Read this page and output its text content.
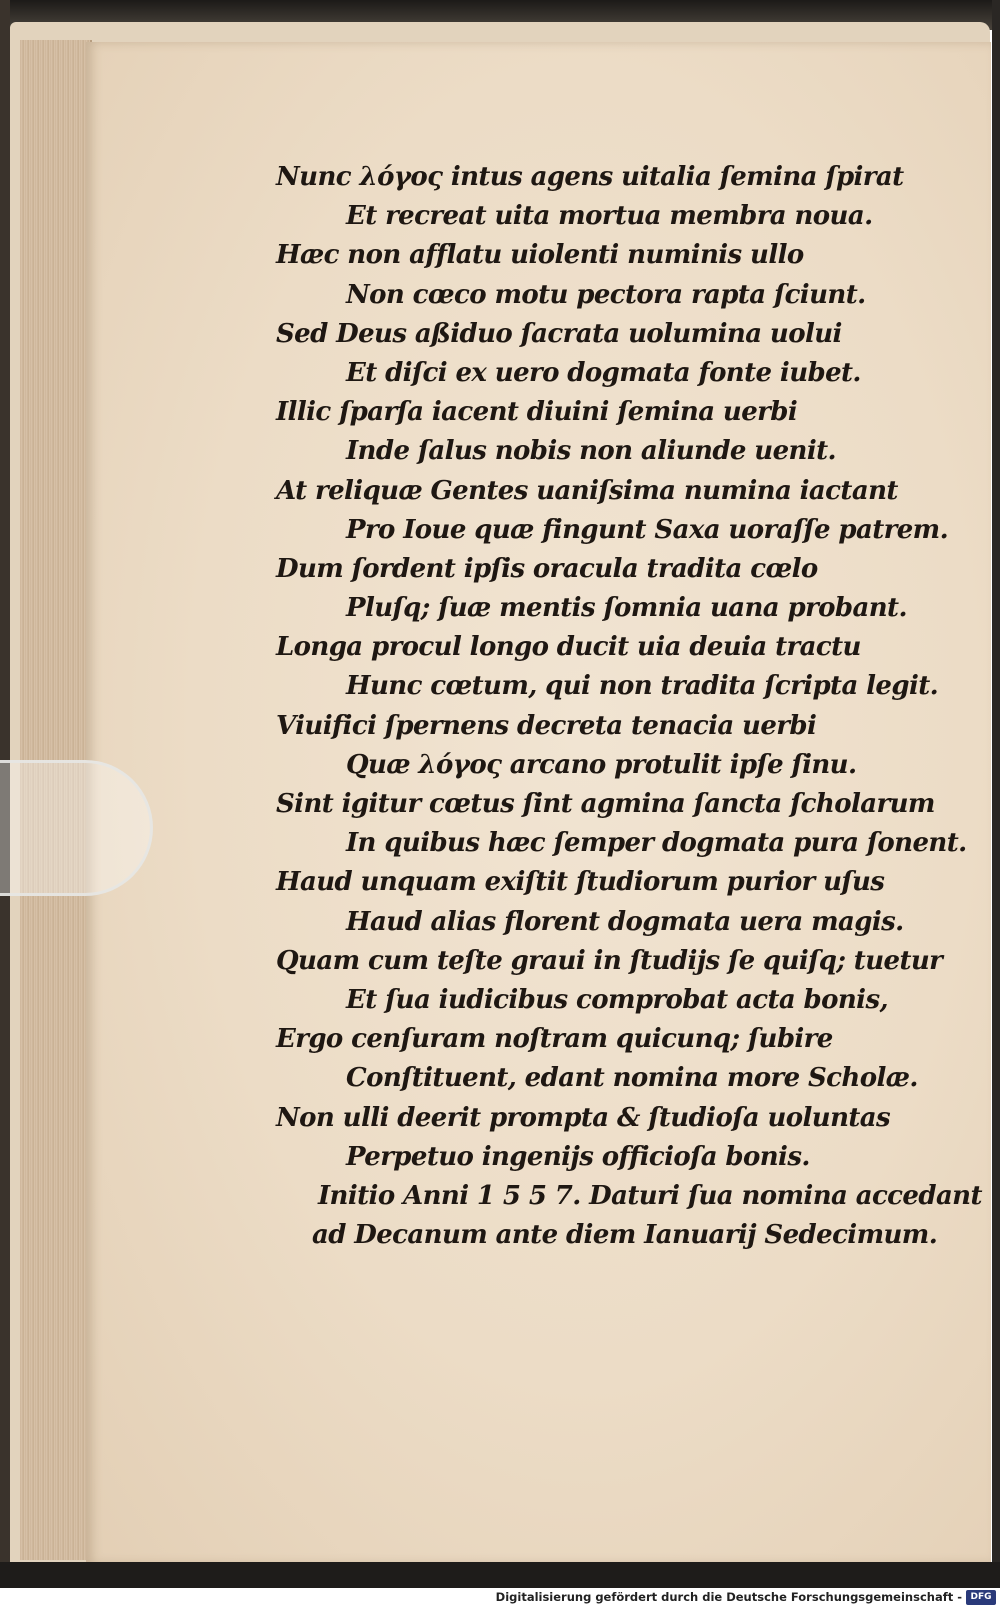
Nunc λόγος intus agens uitalia ſemina ſpirat
Et recreat uita mortua membra noua.
Hæc non afflatu uiolenti numinis ullo
Non cœco motu pectora rapta ſciunt.
Sed Deus aßiduo ſacrata uolumina uolui
Et diſci ex uero dogmata fonte iubet.
Illic ſparſa iacent diuini ſemina uerbi
Inde ſalus nobis non aliunde uenit.
At reliquæ Gentes uaniſsima numina iactant
Pro Ioue quæ fingunt Saxa uoraſſe patrem.
Dum ſordent ipſis oracula tradita cœlo
Pluſq; ſuæ mentis ſomnia uana probant.
Longa procul longo ducit uia deuia tractu
Hunc cœtum, qui non tradita ſcripta legit.
Viuifici ſpernens decreta tenacia uerbi
Quæ λόγος arcano protulit ipſe ſinu.
Sint igitur cœtus ſint agmina ſancta ſcholarum
In quibus hæc ſemper dogmata pura ſonent.
Haud unquam exiſtit ſtudiorum purior uſus
Haud alias florent dogmata uera magis.
Quam cum teſte graui in ſtudijs ſe quiſq; tuetur
Et ſua iudicibus comprobat acta bonis,
Ergo cenſuram noſtram quicunq; ſubire
Conſtituent, edant nomina more Scholæ.
Non ulli deerit prompta & ſtudioſa uoluntas
Perpetuo ingenijs officioſa bonis.
Initio Anni 1 5 5 7. Daturi ſua nomina accedant
ad Decanum ante diem Ianuarij Sedecimum.
Digitalisierung gefördert durch die Deutsche Forschungsgemeinschaft - DFG
